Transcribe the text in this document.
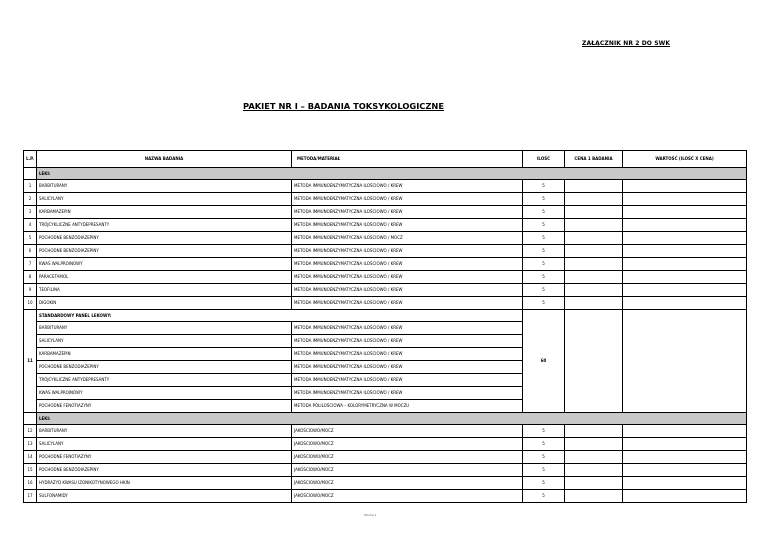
.
ZAŁĄCZNIK NR 2 DO SWK
PAKIET NR I – BADANIA TOKSYKOLOGICZNE
L.P.	NAZWA BADANIA	METODA/MATERIAŁ	ILOŚĆ	CENA 1 BADANIA	WARTOŚĆ (ILOŚĆ X CENA)
	LEKI:				
1	BARBITURANY	METODA IMMUNOENZYMATYCZNA ILOŚCIOWO / KREW	5		
2	SALICYLANY	METODA IMMUNOENZYMATYCZNA ILOŚCIOWO / KREW	5		
3	KARBAMAZEPIN	METODA IMMUNOENZYMATYCZNA ILOŚCIOWO / KREW	5		
4	TRÓJCYKLICZNE ANTYDEPRESANTY	METODA IMMUNOENZYMATYCZNA ILOŚCIOWO / KREW	5		
5	POCHODNE BENZODIAZEPINY	METODA IMMUNOENZYMATYCZNA ILOŚCIOWO / MOCZ	5		
6	POCHODNE BENZODIAZEPINY	METODA IMMUNOENZYMATYCZNA ILOŚCIOWO / KREW	5		
7	KWAS WALPROINOWY	METODA IMMUNOENZYMATYCZNA ILOŚCIOWO / KREW	5		
8	PARACETAMOL	METODA IMMUNOENZYMATYCZNA ILOŚCIOWO / KREW	5		
9	TEOFILINA	METODA IMMUNOENZYMATYCZNA ILOŚCIOWO / KREW	5		
10	DIGOKIN	METODA IMMUNOENZYMATYCZNA ILOŚCIOWO / KREW	5		
11	STANDARDOWY PANEL LEKOWY:		60		
	BARBITURANY	METODA IMMUNOENZYMATYCZNA ILOŚCIOWO / KREW			
	SALICYLANY	METODA IMMUNOENZYMATYCZNA ILOŚCIOWO / KREW			
	KARBAMAZEPIN	METODA IMMUNOENZYMATYCZNA ILOŚCIOWO / KREW			
	POCHODNE BENZODIAZEPINY	METODA IMMUNOENZYMATYCZNA ILOŚCIOWO / KREW			
	TRÓJCYKLICZNE ANTYDEPRESANTY	METODA IMMUNOENZYMATYCZNA ILOŚCIOWO / KREW			
	KWAS WALPROINOWY	METODA IMMUNOENZYMATYCZNA ILOŚCIOWO / KREW			
	POCHODNE FENOTIAZYNY	METODA PÓŁILOŚCIOWA – KOLORYMETRYCZNA W MOCZU			
	LEKI:				
12	BARBITURANY	JAKOŚCIOWO/MOCZ	5		
13	SALICYLANY	JAKOŚCIOWO/MOCZ	5		
14	POCHODNE FENOTIAZYNY	JAKOŚCIOWO/MOCZ	5		
15	POCHODNE BENZODIAZEPINY	JAKOŚCIOWO/MOCZ	5		
16	HYDRAZYD KWASU IZONIKOTYNOWEGO HKIN	JAKOŚCIOWO/MOCZ	5		
17	SULFONAMIDY	JAKOŚCIOWO/MOCZ	5		
Strona 1
